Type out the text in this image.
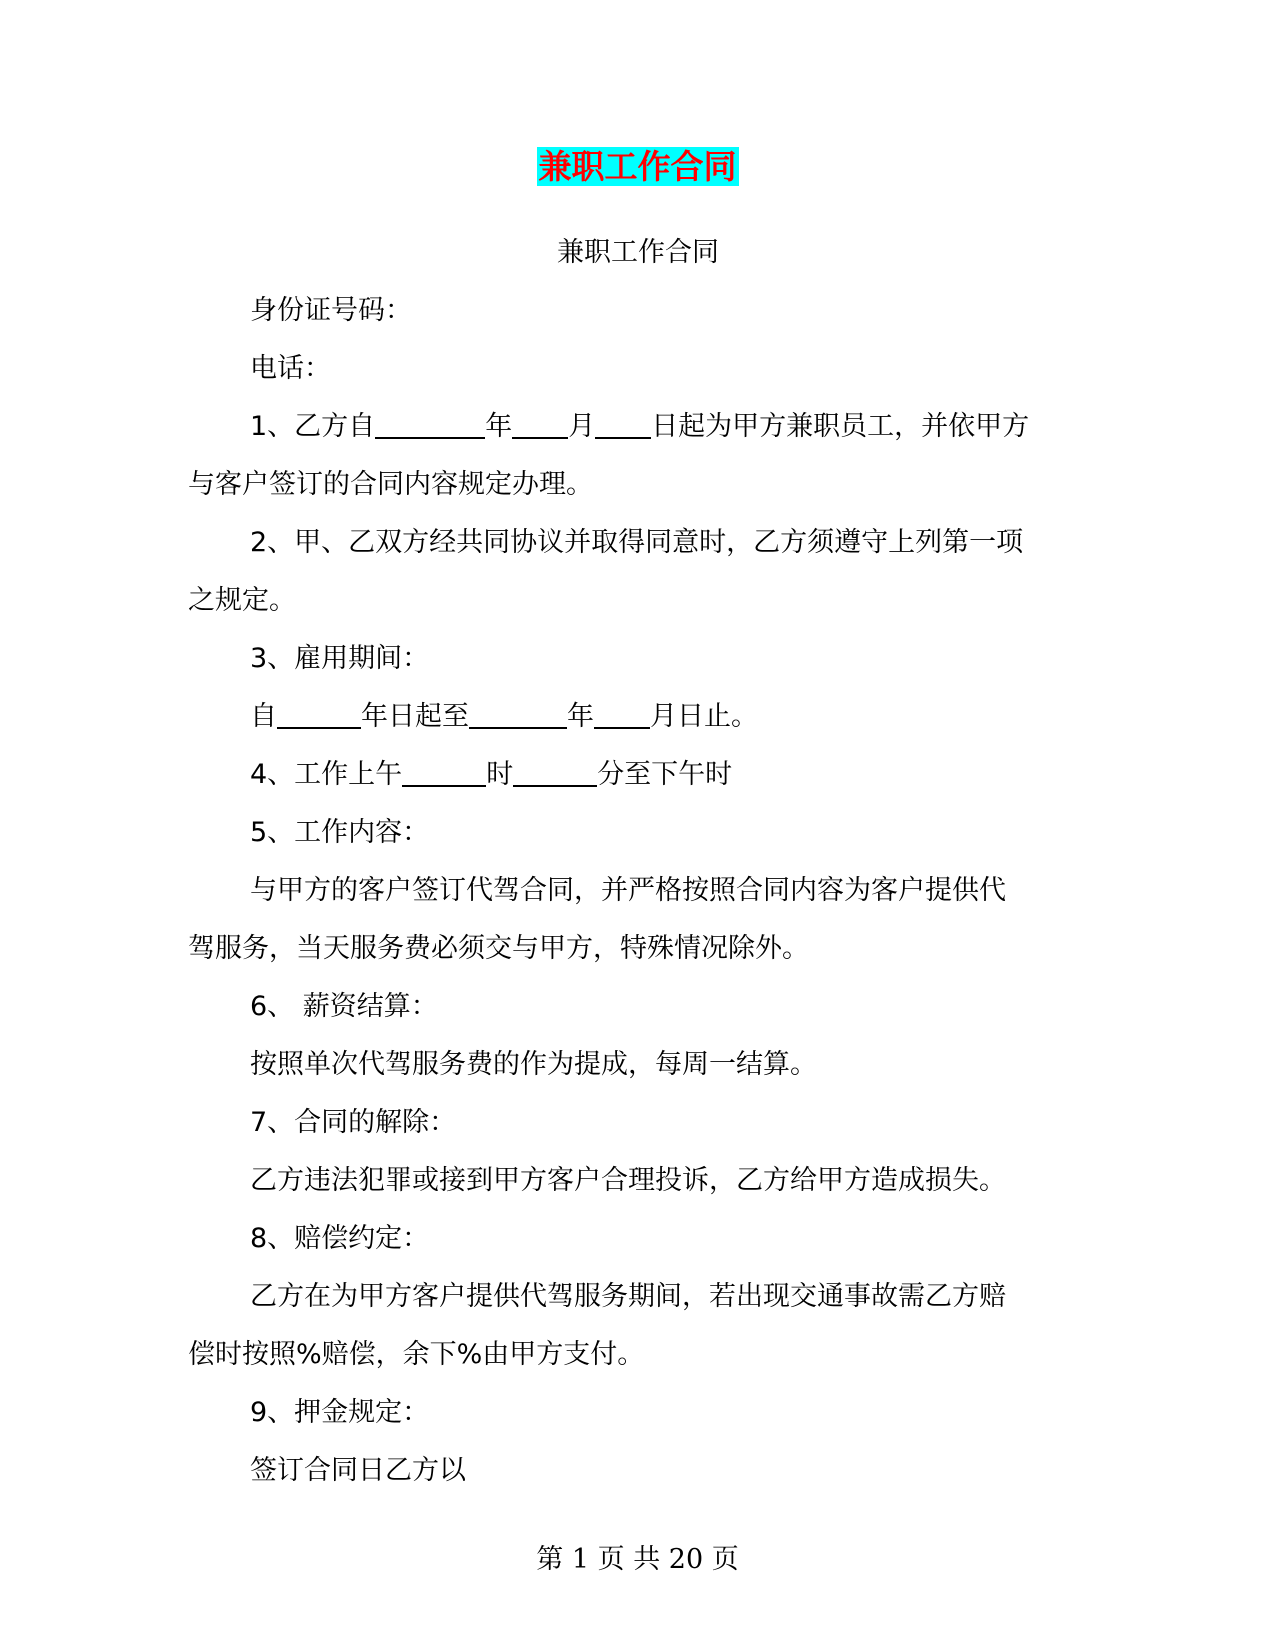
兼职工作合同

兼职工作合同

身份证号码：

电话：

1、乙方自	年 月 日起为甲方兼职员工，并依甲方

与客户签订的合同内容规定办理。

2、甲、乙双方经共同协议并取得同意时，乙方须遵守上列第一项

之规定。

3、雇用期间：

自	年日起至	年 月日止。

4、工作上午	时	分至下午时

5、工作内容：

与甲方的客户签订代驾合同，并严格按照合同内容为客户提供代

驾服务，当天服务费必须交与甲方，特殊情况除外。

6、 薪资结算：

按照单次代驾服务费的作为提成，每周一结算。

7、合同的解除：

乙方违法犯罪或接到甲方客户合理投诉，乙方给甲方造成损失。

8、赔偿约定：

乙方在为甲方客户提供代驾服务期间，若出现交通事故需乙方赔

偿时按照%赔偿，余下%由甲方支付。

9、押金规定：

签订合同日乙方以

第 1 页 共 20 页
